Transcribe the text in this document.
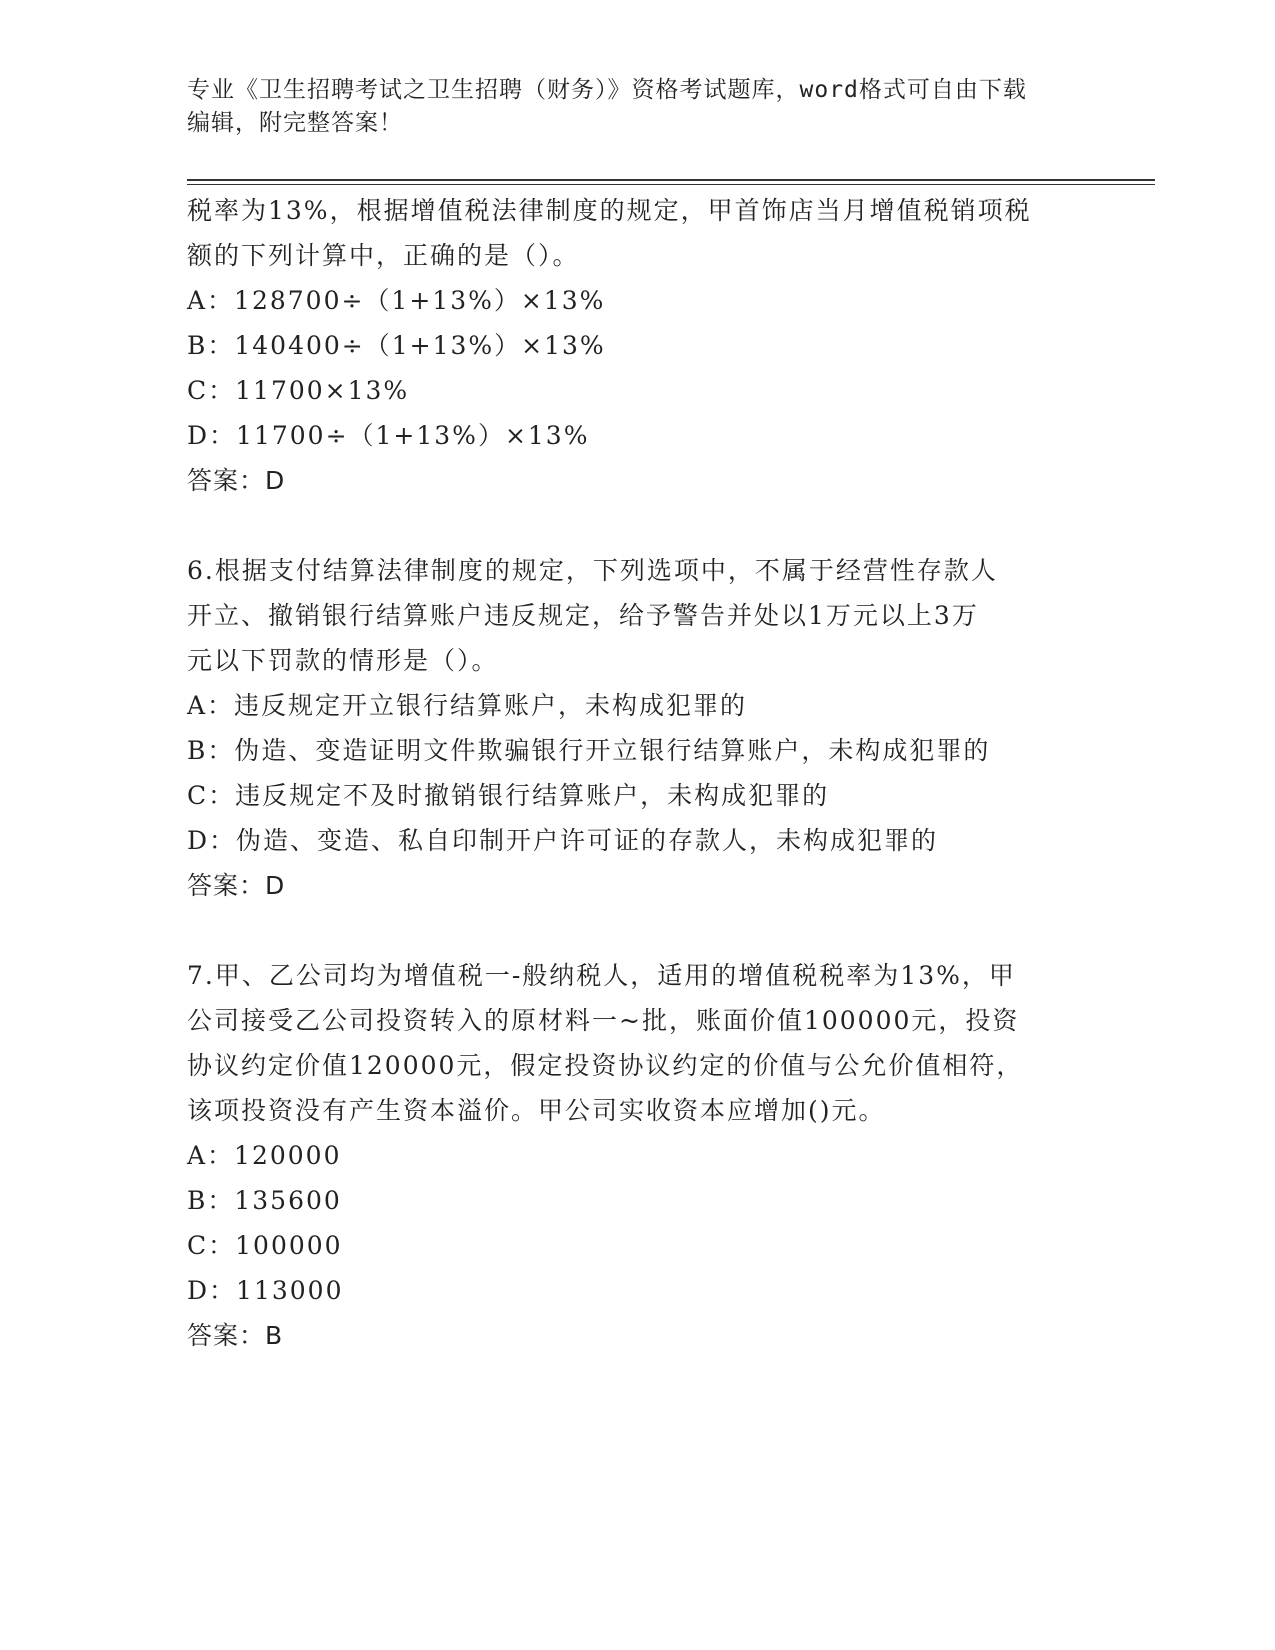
专业《卫生招聘考试之卫生招聘（财务）》资格考试题库，word格式可自由下载
编辑，附完整答案！
税率为13%，根据增值税法律制度的规定，甲首饰店当月增值税销项税
额的下列计算中，正确的是（）。
A：128700÷（1+13%）×13%
B：140400÷（1+13%）×13%
C：11700×13%
D：11700÷（1+13%）×13%
答案：D
6.根据支付结算法律制度的规定，下列选项中，不属于经营性存款人
开立、撤销银行结算账户违反规定，给予警告并处以1万元以上3万
元以下罚款的情形是（）。
A：违反规定开立银行结算账户，未构成犯罪的
B：伪造、变造证明文件欺骗银行开立银行结算账户，未构成犯罪的
C：违反规定不及时撤销银行结算账户，未构成犯罪的
D：伪造、变造、私自印制开户许可证的存款人，未构成犯罪的
答案：D
7.甲、乙公司均为增值税一-般纳税人，适用的增值税税率为13%，甲
公司接受乙公司投资转入的原材料一~批，账面价值100000元，投资
协议约定价值120000元，假定投资协议约定的价值与公允价值相符，
该项投资没有产生资本溢价。甲公司实收资本应增加()元。
A：120000
B：135600
C：100000
D：113000
答案：B
